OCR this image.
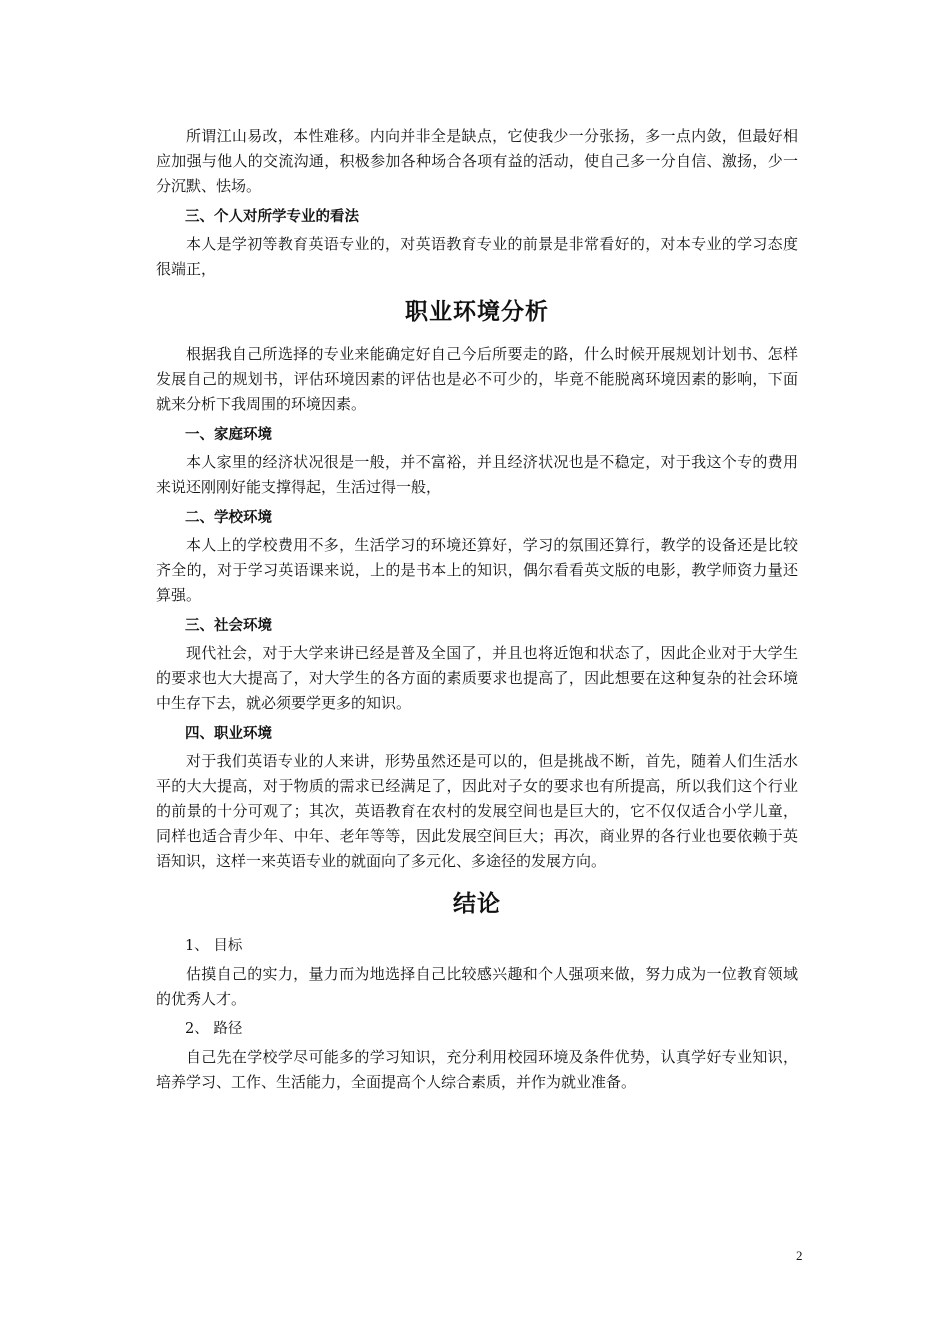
所谓江山易改，本性难移。内向并非全是缺点，它使我少一分张扬，多一点内敛，但最好相应加强与他人的交流沟通，积极参加各种场合各项有益的活动，使自己多一分自信、激扬，少一分沉默、怯场。

三、个人对所学专业的看法

本人是学初等教育英语专业的，对英语教育专业的前景是非常看好的，对本专业的学习态度很端正，

职业环境分析

根据我自己所选择的专业来能确定好自己今后所要走的路，什么时候开展规划计划书、怎样发展自己的规划书，评估环境因素的评估也是必不可少的，毕竟不能脱离环境因素的影响，下面就来分析下我周围的环境因素。

一、家庭环境

本人家里的经济状况很是一般，并不富裕，并且经济状况也是不稳定，对于我这个专的费用来说还刚刚好能支撑得起，生活过得一般，

二、学校环境

本人上的学校费用不多，生活学习的环境还算好，学习的氛围还算行，教学的设备还是比较齐全的，对于学习英语课来说，上的是书本上的知识，偶尔看看英文版的电影，教学师资力量还算强。

三、社会环境

现代社会，对于大学来讲已经是普及全国了，并且也将近饱和状态了，因此企业对于大学生的要求也大大提高了，对大学生的各方面的素质要求也提高了，因此想要在这种复杂的社会环境中生存下去，就必须要学更多的知识。

四、职业环境

对于我们英语专业的人来讲，形势虽然还是可以的，但是挑战不断，首先，随着人们生活水平的大大提高，对于物质的需求已经满足了，因此对子女的要求也有所提高，所以我们这个行业的前景的十分可观了；其次，英语教育在农村的发展空间也是巨大的，它不仅仅适合小学儿童，同样也适合青少年、中年、老年等等，因此发展空间巨大；再次，商业界的各行业也要依赖于英语知识，这样一来英语专业的就面向了多元化、多途径的发展方向。

结论
1、 目标

估摸自己的实力，量力而为地选择自己比较感兴趣和个人强项来做，努力成为一位教育领域的优秀人才。

2、 路径

自己先在学校学尽可能多的学习知识，充分利用校园环境及条件优势，认真学好专业知识，培养学习、工作、生活能力，全面提高个人综合素质，并作为就业准备。

2
